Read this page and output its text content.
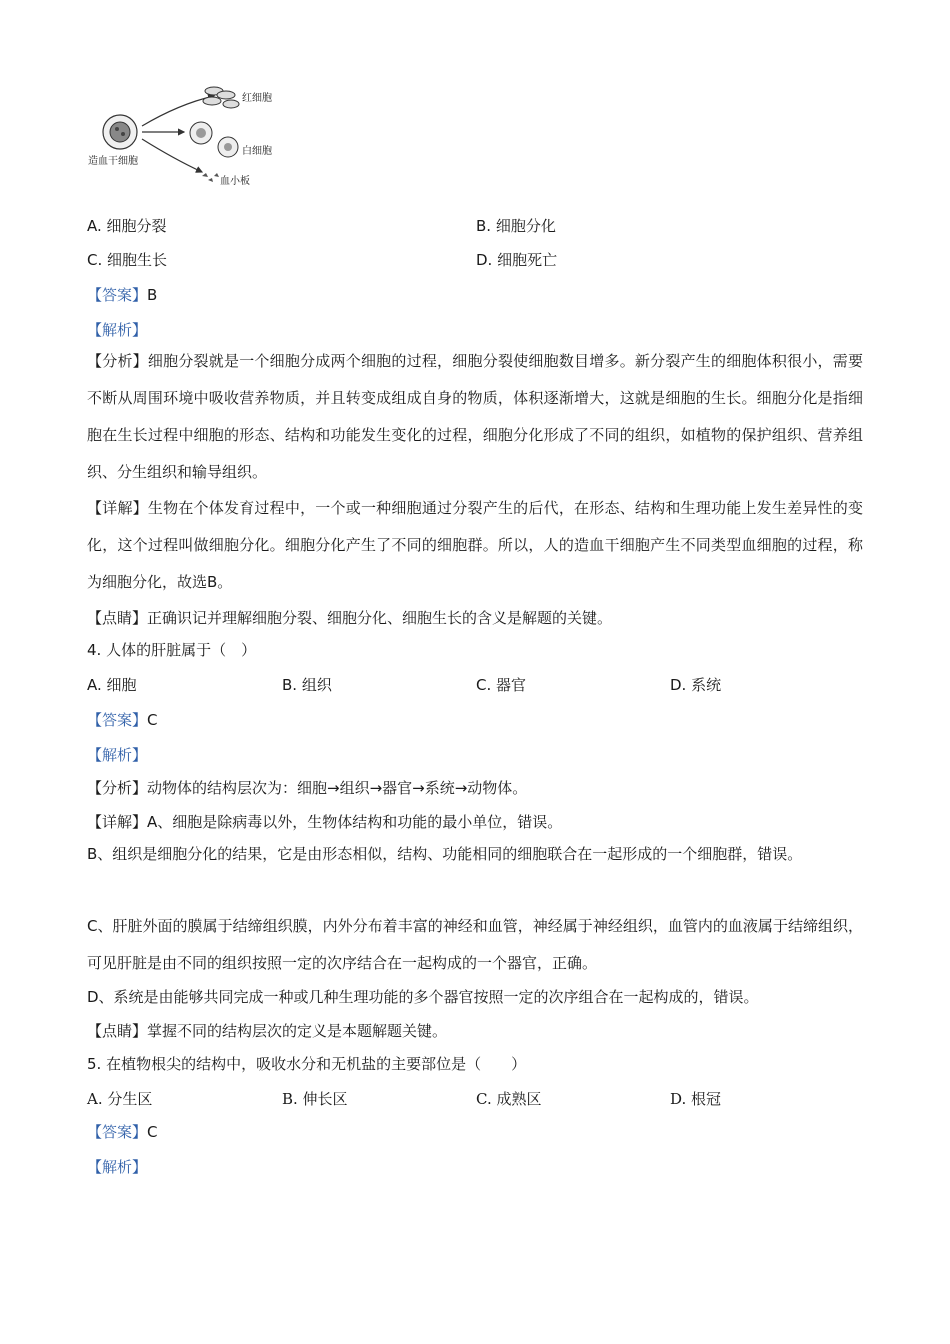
红细胞
白细胞
血小板
造血干细胞
A. 细胞分裂	B. 细胞分化
C. 细胞生长	D. 细胞死亡
【答案】B
【解析】
【分析】细胞分裂就是一个细胞分成两个细胞的过程，细胞分裂使细胞数目增多。新分裂产生的细胞体积很小，需要不断从周围环境中吸收营养物质，并且转变成组成自身的物质，体积逐渐增大，这就是细胞的生长。细胞分化是指细胞在生长过程中细胞的形态、结构和功能发生变化的过程，细胞分化形成了不同的组织，如植物的保护组织、营养组织、分生组织和输导组织。
【详解】生物在个体发育过程中，一个或一种细胞通过分裂产生的后代，在形态、结构和生理功能上发生差异性的变化，这个过程叫做细胞分化。细胞分化产生了不同的细胞群。所以，人的造血干细胞产生不同类型血细胞的过程，称为细胞分化，故选B。
【点睛】正确识记并理解细胞分裂、细胞分化、细胞生长的含义是解题的关键。
4. 人体的肝脏属于（　）
A. 细胞	B. 组织	C. 器官	D. 系统
【答案】C
【解析】
【分析】动物体的结构层次为：细胞→组织→器官→系统→动物体。
【详解】A、细胞是除病毒以外，生物体结构和功能的最小单位，错误。
B、组织是细胞分化的结果，它是由形态相似，结构、功能相同的细胞联合在一起形成的一个细胞群，错误。
C、肝脏外面的膜属于结缔组织膜，内外分布着丰富的神经和血管，神经属于神经组织，血管内的血液属于结缔组织，可见肝脏是由不同的组织按照一定的次序结合在一起构成的一个器官，正确。
D、系统是由能够共同完成一种或几种生理功能的多个器官按照一定的次序组合在一起构成的，错误。
【点睛】掌握不同的结构层次的定义是本题解题关键。
5. 在植物根尖的结构中，吸收水分和无机盐的主要部位是（　　）
A. 分生区	B. 伸长区	C. 成熟区	D. 根冠
【答案】C
【解析】
